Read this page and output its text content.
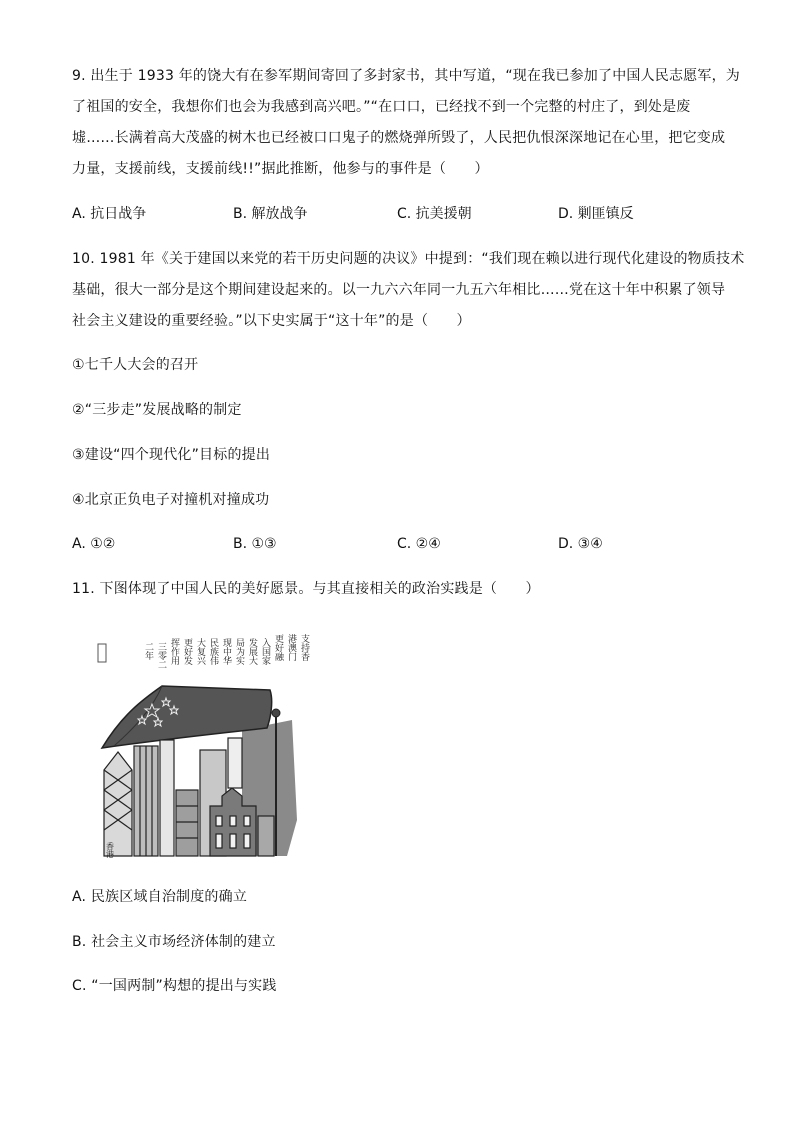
9. 出生于 1933 年的饶大有在参军期间寄回了多封家书，其中写道，“现在我已参加了中国人民志愿军，为
了祖国的安全，我想你们也会为我感到高兴吧。”“在口口，已经找不到一个完整的村庄了，到处是废
墟……长满着高大茂盛的树木也已经被口口鬼子的燃烧弹所毁了，人民把仇恨深深地记在心里，把它变成
力量，支援前线，支援前线!!”据此推断，他参与的事件是（　　）
A. 抗日战争	B. 解放战争	C. 抗美援朝	D. 剿匪镇反
10. 1981 年《关于建国以来党的若干历史问题的决议》中提到：“我们现在赖以进行现代化建设的物质技术
基础，很大一部分是这个期间建设起来的。以一九六六年同一九五六年相比……党在这十年中积累了领导
社会主义建设的重要经验。”以下史实属于“这十年”的是（　　）
①七千人大会的召开
②“三步走”发展战略的制定
③建设“四个现代化”目标的提出
④北京正负电子对撞机对撞成功
A. ①②	B. ①③	C. ②④	D. ③④
11. 下图体现了中国人民的美好愿景。与其直接相关的政治实践是（　　）
支持香
港澳门
更好融
入国家
发展大
局为实
现中华
民族伟
大复兴
更好发
挥作用
三零二
二年
香港
A. 民族区域自治制度的确立
B. 社会主义市场经济体制的建立
C. “一国两制”构想的提出与实践
